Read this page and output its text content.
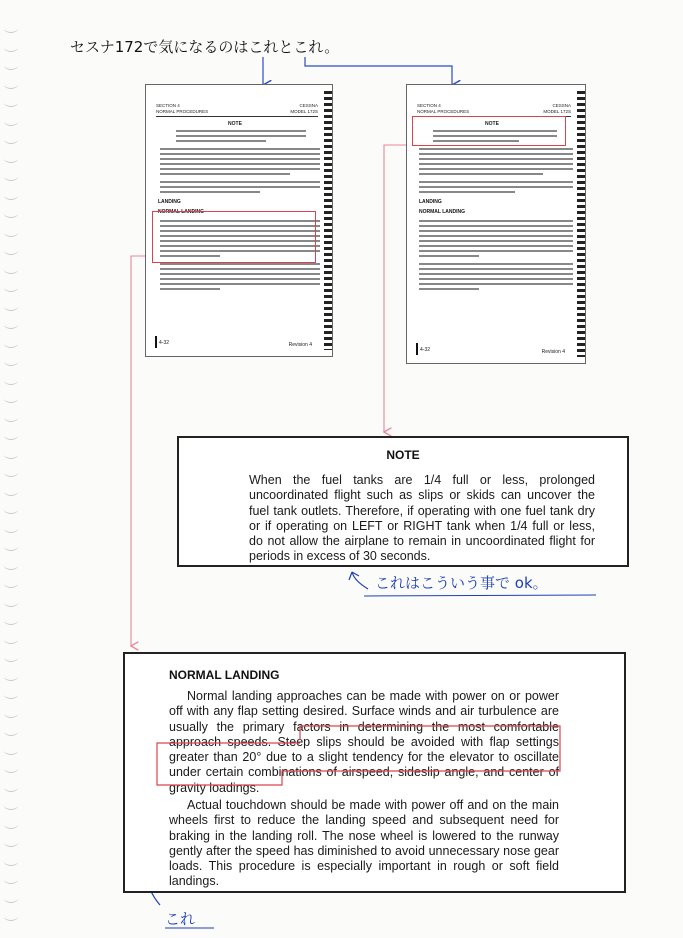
セスナ172で気になるのはこれとこれ。
SECTION 4
NORMAL PROCEDURES
CESSNA
MODEL 172S
NOTE
LANDING
NORMAL LANDING
4-32	Revision 4
SECTION 4
NORMAL PROCEDURES
CESSNA
MODEL 172S
NOTE
LANDING
NORMAL LANDING
4-32	Revision 4
NOTE
When the fuel tanks are 1/4 full or less, prolonged uncoordinated flight such as slips or skids can uncover the fuel tank outlets. Therefore, if operating with one fuel tank dry or if operating on LEFT or RIGHT tank when 1/4 full or less, do not allow the airplane to remain in uncoordinated flight for periods in excess of 30 seconds.
これはこういう事で ok。
NORMAL LANDING
Normal landing approaches can be made with power on or power off with any flap setting desired. Surface winds and air turbulence are usually the primary factors in determining the most comfortable approach speeds. Steep slips should be avoided with flap settings greater than 20° due to a slight tendency for the elevator to oscillate under certain combinations of airspeed, sideslip angle, and center of gravity loadings.
Actual touchdown should be made with power off and on the main wheels first to reduce the landing speed and subsequent need for braking in the landing roll. The nose wheel is lowered to the runway gently after the speed has diminished to avoid unnecessary nose gear loads. This procedure is especially important in rough or soft field landings.
これ
